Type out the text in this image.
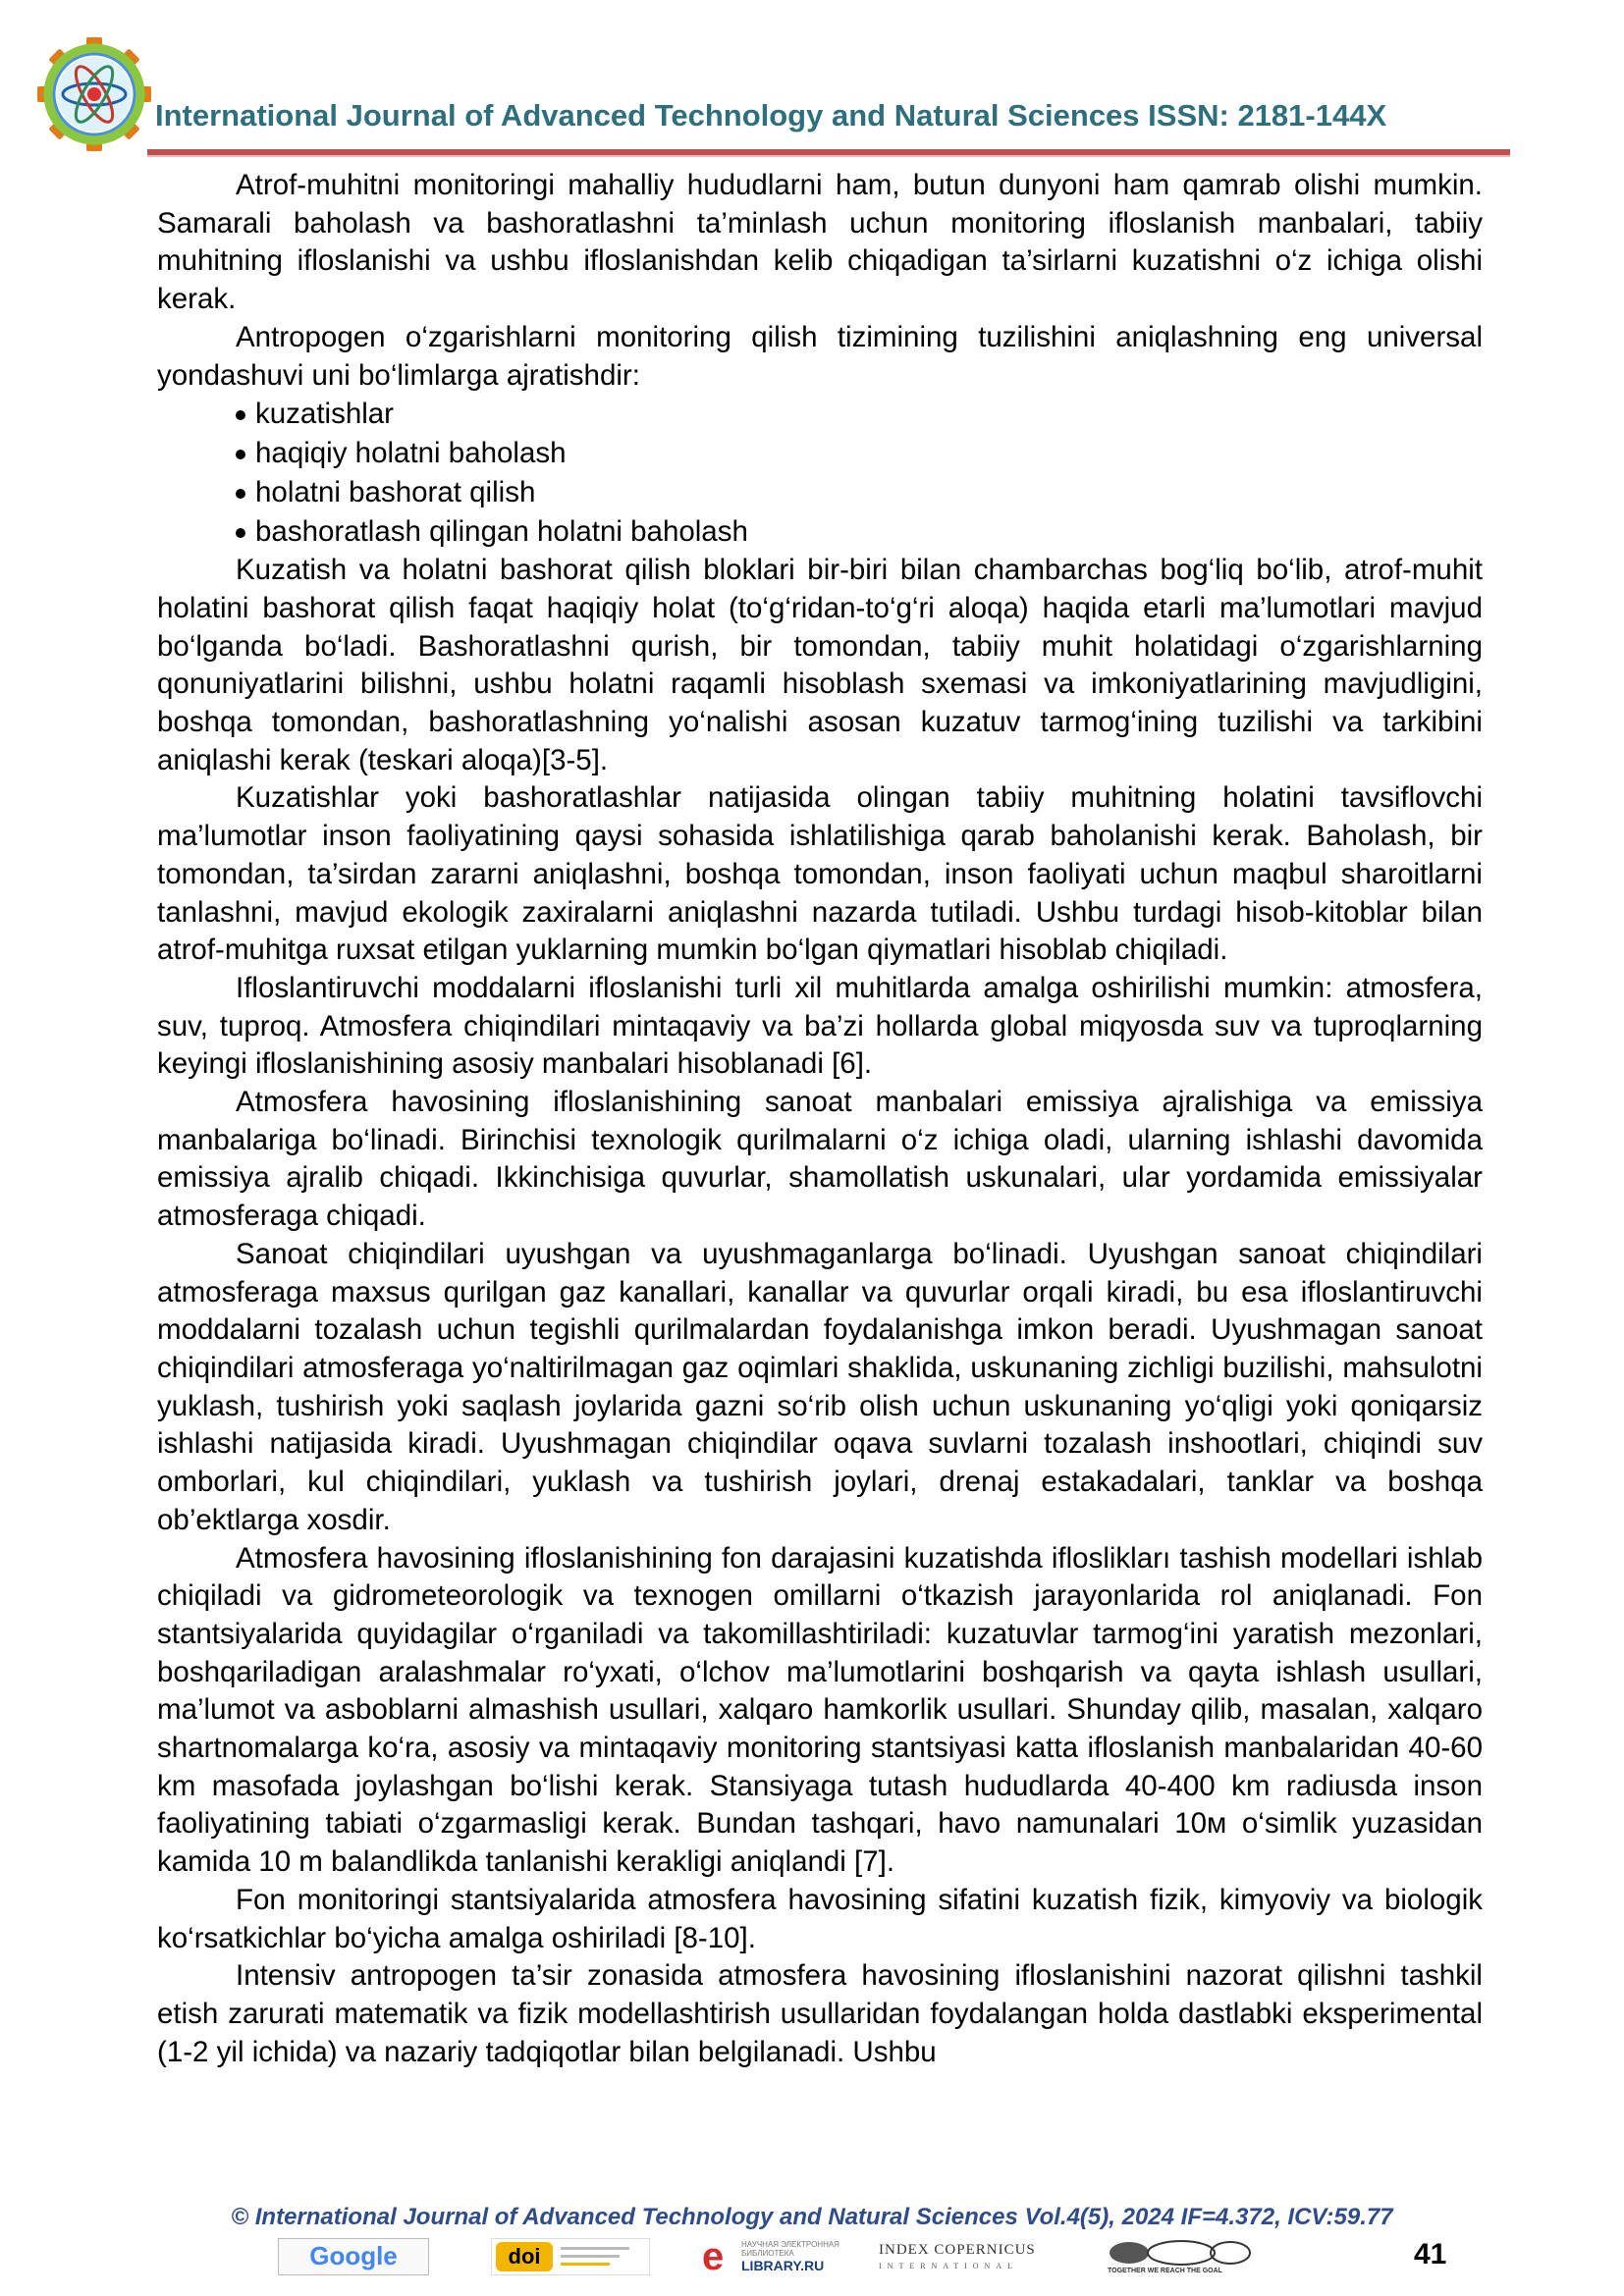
International Journal of Advanced Technology and Natural Sciences ISSN: 2181-144X

Atrof-muhitni monitoringi mahalliy hududlarni ham, butun dunyoni ham qamrab olishi mumkin. Samarali baholash va bashoratlashni ta’minlash uchun monitoring ifloslanish manbalari, tabiiy muhitning ifloslanishi va ushbu ifloslanishdan kelib chiqadigan ta’sirlarni kuzatishni o‘z ichiga olishi kerak.

Antropogen o‘zgarishlarni monitoring qilish tizimining tuzilishini aniqlashning eng universal yondashuvi uni bo‘limlarga ajratishdir:

kuzatishlar
haqiqiy holatni baholash
holatni bashorat qilish
bashoratlash qilingan holatni baholash

Kuzatish va holatni bashorat qilish bloklari bir-biri bilan chambarchas bog‘liq bo‘lib, atrof-muhit holatini bashorat qilish faqat haqiqiy holat (to‘g‘ridan-to‘g‘ri aloqa) haqida etarli ma’lumotlari mavjud bo‘lganda bo‘ladi. Bashoratlashni qurish, bir tomondan, tabiiy muhit holatidagi o‘zgarishlarning qonuniyatlarini bilishni, ushbu holatni raqamli hisoblash sxemasi va imkoniyatlarining mavjudligini, boshqa tomondan, bashoratlashning yo‘nalishi asosan kuzatuv tarmog‘ining tuzilishi va tarkibini aniqlashi kerak (teskari aloqa)[3-5].

Kuzatishlar yoki bashoratlashlar natijasida olingan tabiiy muhitning holatini tavsiflovchi ma’lumotlar inson faoliyatining qaysi sohasida ishlatilishiga qarab baholanishi kerak. Baholash, bir tomondan, ta’sirdan zararni aniqlashni, boshqa tomondan, inson faoliyati uchun maqbul sharoitlarni tanlashni, mavjud ekologik zaxiralarni aniqlashni nazarda tutiladi. Ushbu turdagi hisob-kitoblar bilan atrof-muhitga ruxsat etilgan yuklarning mumkin bo‘lgan qiymatlari hisoblab chiqiladi.

Ifloslantiruvchi moddalarni ifloslanishi turli xil muhitlarda amalga oshirilishi mumkin: atmosfera, suv, tuproq. Atmosfera chiqindilari mintaqaviy va ba’zi hollarda global miqyosda suv va tuproqlarning keyingi ifloslanishining asosiy manbalari hisoblanadi [6].

Atmosfera havosining ifloslanishining sanoat manbalari emissiya ajralishiga va emissiya manbalariga bo‘linadi. Birinchisi texnologik qurilmalarni o‘z ichiga oladi, ularning ishlashi davomida emissiya ajralib chiqadi. Ikkinchisiga quvurlar, shamollatish uskunalari, ular yordamida emissiyalar atmosferaga chiqadi.

Sanoat chiqindilari uyushgan va uyushmaganlarga bo‘linadi. Uyushgan sanoat chiqindilari atmosferaga maxsus qurilgan gaz kanallari, kanallar va quvurlar orqali kiradi, bu esa ifloslantiruvchi moddalarni tozalash uchun tegishli qurilmalardan foydalanishga imkon beradi. Uyushmagan sanoat chiqindilari atmosferaga yo‘naltirilmagan gaz oqimlari shaklida, uskunaning zichligi buzilishi, mahsulotni yuklash, tushirish yoki saqlash joylarida gazni so‘rib olish uchun uskunaning yo‘qligi yoki qoniqarsiz ishlashi natijasida kiradi. Uyushmagan chiqindilar oqava suvlarni tozalash inshootlari, chiqindi suv omborlari, kul chiqindilari, yuklash va tushirish joylari, drenaj estakadalari, tanklar va boshqa ob’ektlarga xosdir.

Atmosfera havosining ifloslanishining fon darajasini kuzatishda ifloslikları tashish modellari ishlab chiqiladi va gidrometeorologik va texnogen omillarni o‘tkazish jarayonlarida rol aniqlanadi. Fon stantsiyalarida quyidagilar o‘rganiladi va takomillashtiriladi: kuzatuvlar tarmog‘ini yaratish mezonlari, boshqariladigan aralashmalar ro‘yxati, o‘lchov ma’lumotlarini boshqarish va qayta ishlash usullari, ma’lumot va asboblarni almashish usullari, xalqaro hamkorlik usullari. Shunday qilib, masalan, xalqaro shartnomalarga ko‘ra, asosiy va mintaqaviy monitoring stantsiyasi katta ifloslanish manbalaridan 40-60 km masofada joylashgan bo‘lishi kerak. Stansiyaga tutash hududlarda 40-400 km radiusda inson faoliyatining tabiati o‘zgarmasligi kerak. Bundan tashqari, havo namunalari 10м o‘simlik yuzasidan kamida 10 m balandlikda tanlanishi kerakligi aniqlandi [7].

Fon monitoringi stantsiyalarida atmosfera havosining sifatini kuzatish fizik, kimyoviy va biologik ko‘rsatkichlar bo‘yicha amalga oshiriladi [8-10].

Intensiv antropogen ta’sir zonasida atmosfera havosining ifloslanishini nazorat qilishni tashkil etish zarurati matematik va fizik modellashtirish usullaridan foydalangan holda dastlabki eksperimental (1-2 yil ichida) va nazariy tadqiqotlar bilan belgilanadi. Ushbu

© International Journal of Advanced Technology and Natural Sciences Vol.4(5), 2024 IF=4.372, ICV:59.77
Google	doi	e	НАУЧНАЯ ЭЛЕКТРОННАЯ БИБЛИОТЕКА
LIBRARY.RU
INDEX COPERNICUS
INTERNATIONAL
TOGETHER WE REACH THE GOAL
41
